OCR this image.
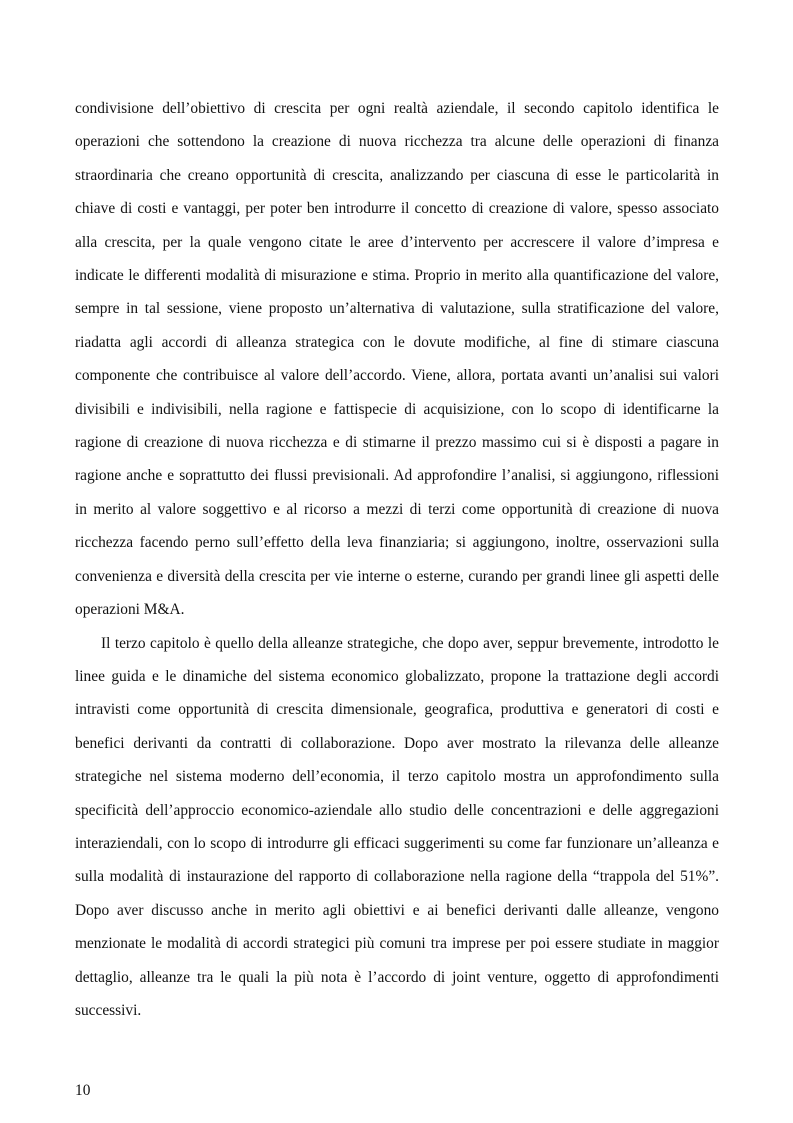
condivisione dell’obiettivo di crescita per ogni realtà aziendale, il secondo capitolo identifica le operazioni che sottendono la creazione di nuova ricchezza tra alcune delle operazioni di finanza straordinaria che creano opportunità di crescita, analizzando per ciascuna di esse le particolarità in chiave di costi e vantaggi, per poter ben introdurre il concetto di creazione di valore, spesso associato alla crescita, per la quale vengono citate le aree d’intervento per accrescere il valore d’impresa e indicate le differenti modalità di misurazione e stima. Proprio in merito alla quantificazione del valore, sempre in tal sessione, viene proposto un’alternativa di valutazione, sulla stratificazione del valore, riadatta agli accordi di alleanza strategica con le dovute modifiche, al fine di stimare ciascuna componente che contribuisce al valore dell’accordo. Viene, allora, portata avanti un’analisi sui valori divisibili e indivisibili, nella ragione e fattispecie di acquisizione, con lo scopo di identificarne la ragione di creazione di nuova ricchezza e di stimarne il prezzo massimo cui si è disposti a pagare in ragione anche e soprattutto dei flussi previsionali. Ad approfondire l’analisi, si aggiungono, riflessioni in merito al valore soggettivo e al ricorso a mezzi di terzi come opportunità di creazione di nuova ricchezza facendo perno sull’effetto della leva finanziaria; si aggiungono, inoltre, osservazioni sulla convenienza e diversità della crescita per vie interne o esterne, curando per grandi linee gli aspetti delle operazioni M&A.

Il terzo capitolo è quello della alleanze strategiche, che dopo aver, seppur brevemente, introdotto le linee guida e le dinamiche del sistema economico globalizzato, propone la trattazione degli accordi intravisti come opportunità di crescita dimensionale, geografica, produttiva e generatori di costi e benefici derivanti da contratti di collaborazione. Dopo aver mostrato la rilevanza delle alleanze strategiche nel sistema moderno dell’economia, il terzo capitolo mostra un approfondimento sulla specificità dell’approccio economico-aziendale allo studio delle concentrazioni e delle aggregazioni interaziendali, con lo scopo di introdurre gli efficaci suggerimenti su come far funzionare un’alleanza e sulla modalità di instaurazione del rapporto di collaborazione nella ragione della “trappola del 51%”. Dopo aver discusso anche in merito agli obiettivi e ai benefici derivanti dalle alleanze, vengono menzionate le modalità di accordi strategici più comuni tra imprese per poi essere studiate in maggior dettaglio, alleanze tra le quali la più nota è l’accordo di joint venture, oggetto di approfondimenti successivi.

10
